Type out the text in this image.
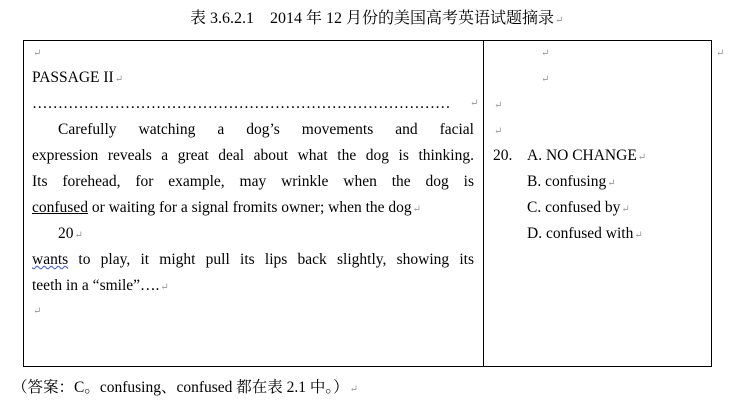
表 3.6.2.1　2014 年 12 月份的美国高考英语试题摘录↵
↵
PASSAGE II↵
………………………………………………………………………	↵
Carefully watching a dog’s movements and facial
expression reveals a great deal about what the dog is thinking.
Its forehead, for example, may wrinkle when the dog is
confused or waiting for a signal fromits owner; when the dog↵
20↵
wants to play, it might pull its lips back slightly, showing its
teeth in a “smile”….↵
↵
↵
↵
↵
↵
↵
20. A. NO CHANGE↵
B. confusing↵
C. confused by↵
D. confused with↵
（答案：C。confusing、confused 都在表 2.1 中。）↵
